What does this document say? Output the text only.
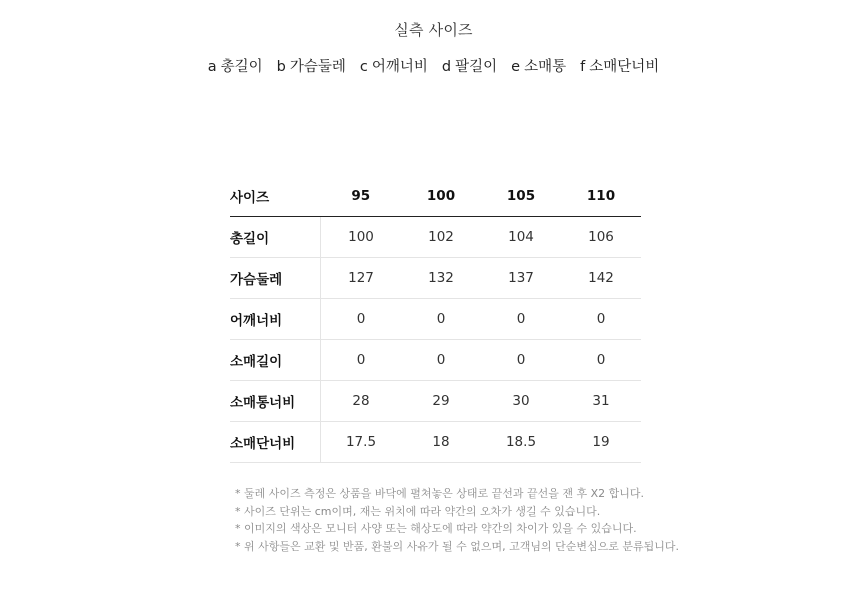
실측 사이즈
a 총길이 b 가슴둘레 c 어깨너비 d 팔길이 e 소매통 f 소매단너비
사이즈	95	100	105	110
총길이	100	102	104	106
가슴둘레	127	132	137	142
어깨너비	0	0	0	0
소매길이	0	0	0	0
소매통너비	28	29	30	31
소매단너비	17.5	18	18.5	19
* 둘레 사이즈 측정은 상품을 바닥에 펼쳐놓은 상태로 끝선과 끝선을 잰 후 X2 합니다.
* 사이즈 단위는 cm이며, 재는 위치에 따라 약간의 오차가 생길 수 있습니다.
* 이미지의 색상은 모니터 사양 또는 해상도에 따라 약간의 차이가 있을 수 있습니다.
* 위 사항들은 교환 및 반품, 환불의 사유가 될 수 없으며, 고객님의 단순변심으로 분류됩니다.
